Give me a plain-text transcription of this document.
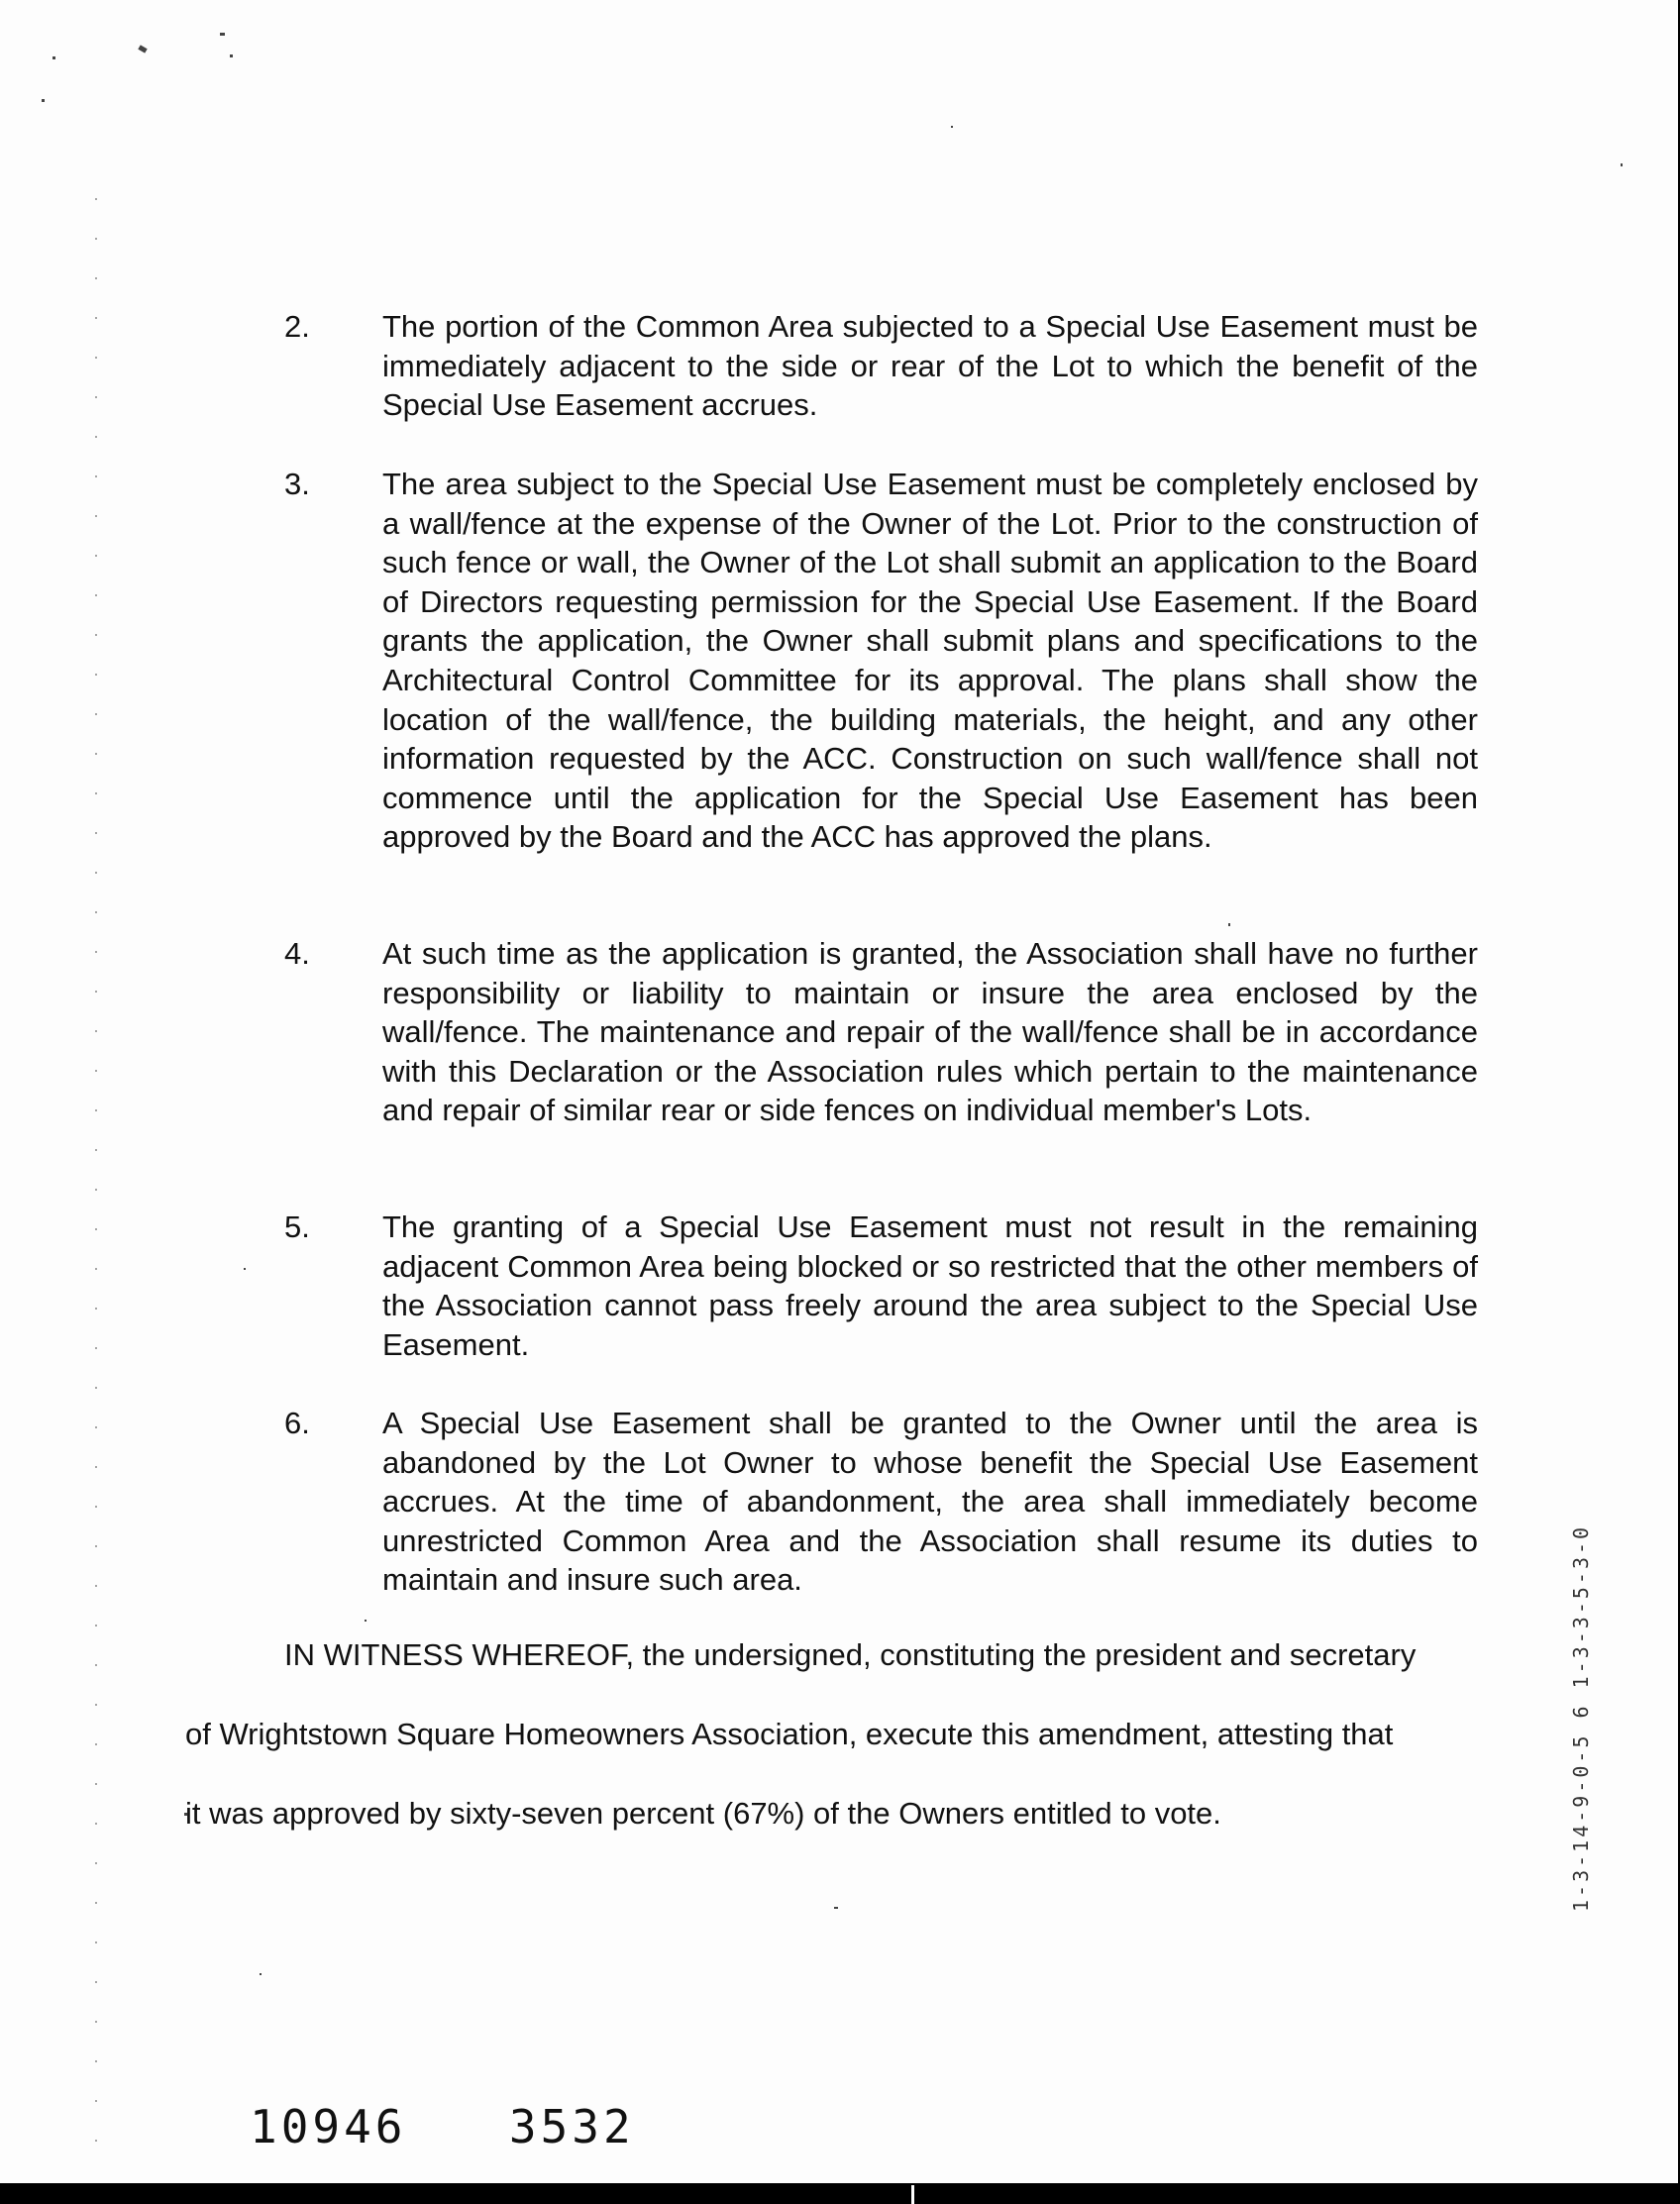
2. The portion of the Common Area subjected to a Special Use Easement must be immediately adjacent to the side or rear of the Lot to which the benefit of the Special Use Easement accrues.
3. The area subject to the Special Use Easement must be completely enclosed by a wall/fence at the expense of the Owner of the Lot. Prior to the construction of such fence or wall, the Owner of the Lot shall submit an application to the Board of Directors requesting permission for the Special Use Easement. If the Board grants the application, the Owner shall submit plans and specifications to the Architectural Control Committee for its approval. The plans shall show the location of the wall/fence, the building materials, the height, and any other information requested by the ACC. Construction on such wall/fence shall not commence until the application for the Special Use Easement has been approved by the Board and the ACC has approved the plans.
4. At such time as the application is granted, the Association shall have no further responsibility or liability to maintain or insure the area enclosed by the wall/fence. The maintenance and repair of the wall/fence shall be in accordance with this Declaration or the Association rules which pertain to the maintenance and repair of similar rear or side fences on individual member's Lots.
5. The granting of a Special Use Easement must not result in the remaining adjacent Common Area being blocked or so restricted that the other members of the Association cannot pass freely around the area subject to the Special Use Easement.
6. A Special Use Easement shall be granted to the Owner until the area is abandoned by the Lot Owner to whose benefit the Special Use Easement accrues. At the time of abandonment, the area shall immediately become unrestricted Common Area and the Association shall resume its duties to maintain and insure such area.
IN WITNESS WHEREOF, the undersigned, constituting the president and secretary
of Wrightstown Square Homeowners Association, execute this amendment, attesting that
it was approved by sixty-seven percent (67%) of the Owners entitled to vote.
10946 3532
1-3-14-9-0-5 6 1-3-3-5-3-0
